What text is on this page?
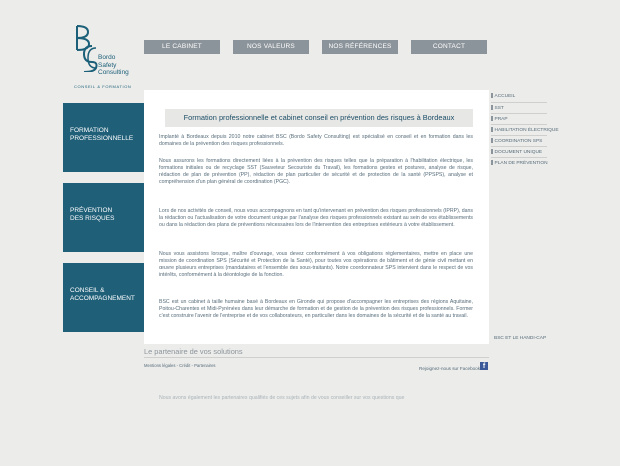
Bordo
Safety
Consulting
CONSEIL & FORMATION
LE CABINET	NOS VALEURS	NOS RÉFÉRENCES	CONTACT
FORMATION
PROFESSIONNELLE
PRÉVENTION
DES RISQUES
CONSEIL &
ACCOMPAGNEMENT
Formation professionnelle et cabinet conseil en prévention des risques à Bordeaux
Implanté à Bordeaux depuis 2010 notre cabinet BSC (Bordo Safety Consulting) est spécialisé en conseil et en formation dans les domaines de la prévention des risques professionnels.
Nous assurons les formations directement liées à la prévention des risques telles que la préparation à l'habilitation électrique, les formations initiales ou de recyclage SST (Sauveteur Secouriste du Travail), les formations gestes et postures, analyse de risque, rédaction de plan de prévention (PP), rédaction de plan particulier de sécurité et de protection de la santé (PPSPS), analyse et compréhension d'un plan général de coordination (PGC).
Lors de nos activités de conseil, nous vous accompagnons en tant qu'intervenant en prévention des risques professionnels (IPRP), dans la rédaction ou l'actualisation de votre document unique par l'analyse des risques professionnels existant au sein de vos établissements ou dans la rédaction des plans de préventions nécessaires lors de l'intervention des entreprises extérieurs à votre établissement.
Nous vous assistons lorsque, maître d'ouvrage, vous devez conformément à vos obligations réglementaires, mettre en place une mission de coordination SPS (Sécurité et Protection de la Santé), pour toutes vos opérations de bâtiment et de génie civil mettant en œuvre plusieurs entreprises (mandataires et l'ensemble des sous-traitants). Notre coordonnateur SPS intervient dans le respect de vos intérêts, conformément à la déontologie de la fonction.
BSC est un cabinet à taille humaine basé à Bordeaux en Gironde qui propose d'accompagner les entreprises des régions Aquitaine, Poitou-Charentes et Midi-Pyrénées dans leur démarche de formation et de gestion de la prévention des risques professionnels. Former c'est construire l'avenir de l'entreprise et de vos collaborateurs, en particulier dans les domaines de la sécurité et de la santé au travail.
ACCUEIL
SST
PRAP
HABILITATION ÉLECTRIQUE
COORDINATION SPS
DOCUMENT UNIQUE
PLAN DE PRÉVENTION
BSC ET LE HANDI-CAP
Le partenaire de vos solutions
Mentions légales - Crédit - Partenaires
Rejoignez-nous sur Facebook f
Nous avons également les partenaires qualifiés de ces sujets afin de vous conseiller sur vos questions que
